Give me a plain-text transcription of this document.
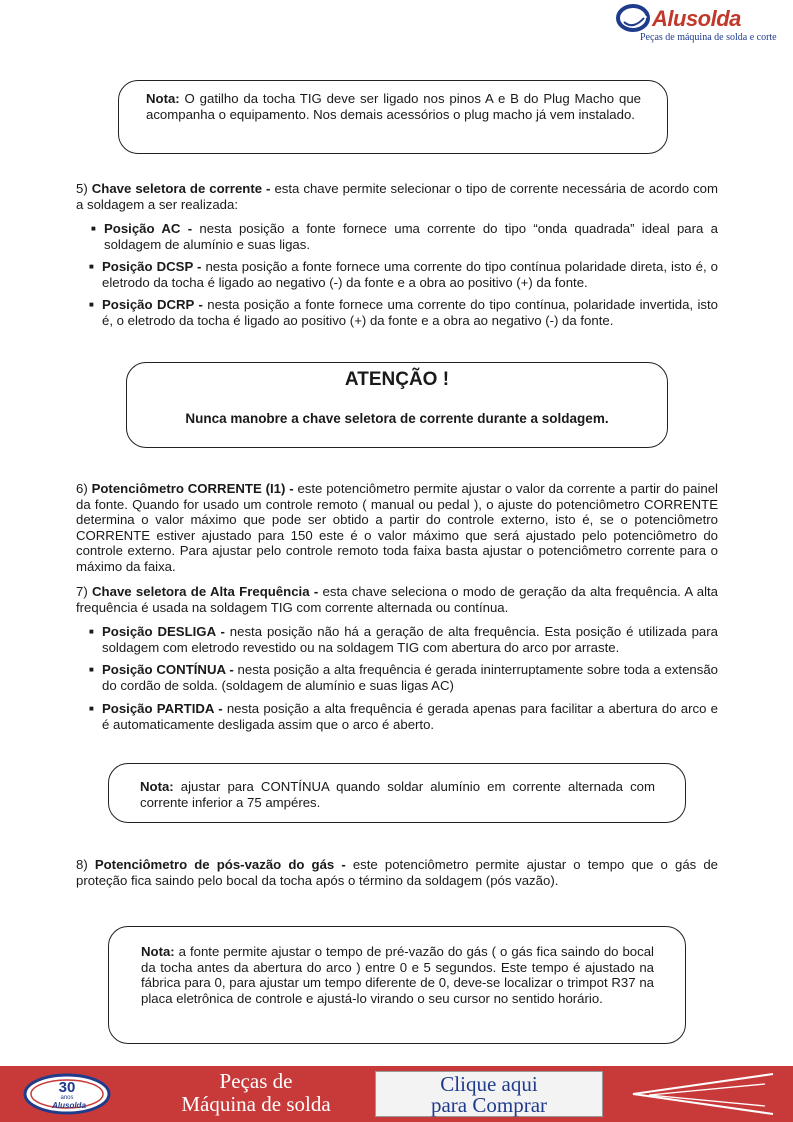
Alusolda
Peças de máquina de solda e corte

Nota: O gatilho da tocha TIG deve ser ligado nos pinos A e B do Plug Macho que acompanha o equipamento. Nos demais acessórios o plug macho já vem instalado.

5) Chave seletora de corrente - esta chave permite selecionar o tipo de corrente necessária de acordo com a soldagem a ser realizada:

■ Posição AC - nesta posição a fonte fornece uma corrente do tipo “onda quadrada” ideal para a soldagem de alumínio e suas ligas.

■ Posição DCSP - nesta posição a fonte fornece uma corrente do tipo contínua polaridade direta, isto é, o eletrodo da tocha é ligado ao negativo (-) da fonte e a obra ao positivo (+) da fonte.

■ Posição DCRP - nesta posição a fonte fornece uma corrente do tipo contínua, polaridade invertida, isto é, o eletrodo da tocha é ligado ao positivo (+) da fonte e a obra ao negativo (-) da fonte.

ATENÇÃO !
Nunca manobre a chave seletora de corrente durante a soldagem.

6) Potenciômetro CORRENTE (I1) - este potenciômetro permite ajustar o valor da corrente a partir do painel da fonte. Quando for usado um controle remoto ( manual ou pedal ), o ajuste do potenciômetro CORRENTE determina o valor máximo que pode ser obtido a partir do controle externo, isto é, se o potenciômetro CORRENTE estiver ajustado para 150 este é o valor máximo que será ajustado pelo potenciômetro do controle externo. Para ajustar pelo controle remoto toda faixa basta ajustar o potenciômetro corrente para o máximo da faixa.

7) Chave seletora de Alta Frequência - esta chave seleciona o modo de geração da alta frequência. A alta frequência é usada na soldagem TIG com corrente alternada ou contínua.

■ Posição DESLIGA - nesta posição não há a geração de alta frequência. Esta posição é utilizada para soldagem com eletrodo revestido ou na soldagem TIG com abertura do arco por arraste.

■ Posição CONTÍNUA - nesta posição a alta frequência é gerada ininterruptamente sobre toda a extensão do cordão de solda. (soldagem de alumínio e suas ligas AC)

■ Posição PARTIDA - nesta posição a alta frequência é gerada apenas para facilitar a abertura do arco e é automaticamente desligada assim que o arco é aberto.

Nota: ajustar para CONTÍNUA quando soldar alumínio em corrente alternada com corrente inferior a 75 ampéres.

8) Potenciômetro de pós-vazão do gás - este potenciômetro permite ajustar o tempo que o gás de proteção fica saindo pelo bocal da tocha após o término da soldagem (pós vazão).

Nota: a fonte permite ajustar o tempo de pré-vazão do gás ( o gás fica saindo do bocal da tocha antes da abertura do arco ) entre 0 e 5 segundos. Este tempo é ajustado na fábrica para 0, para ajustar um tempo diferente de 0, deve-se localizar o trimpot R37 na placa eletrônica de controle e ajustá-lo virando o seu cursor no sentido horário.

30
anos
Alusolda
Peças de
Máquina de solda
Clique aqui
para Comprar
